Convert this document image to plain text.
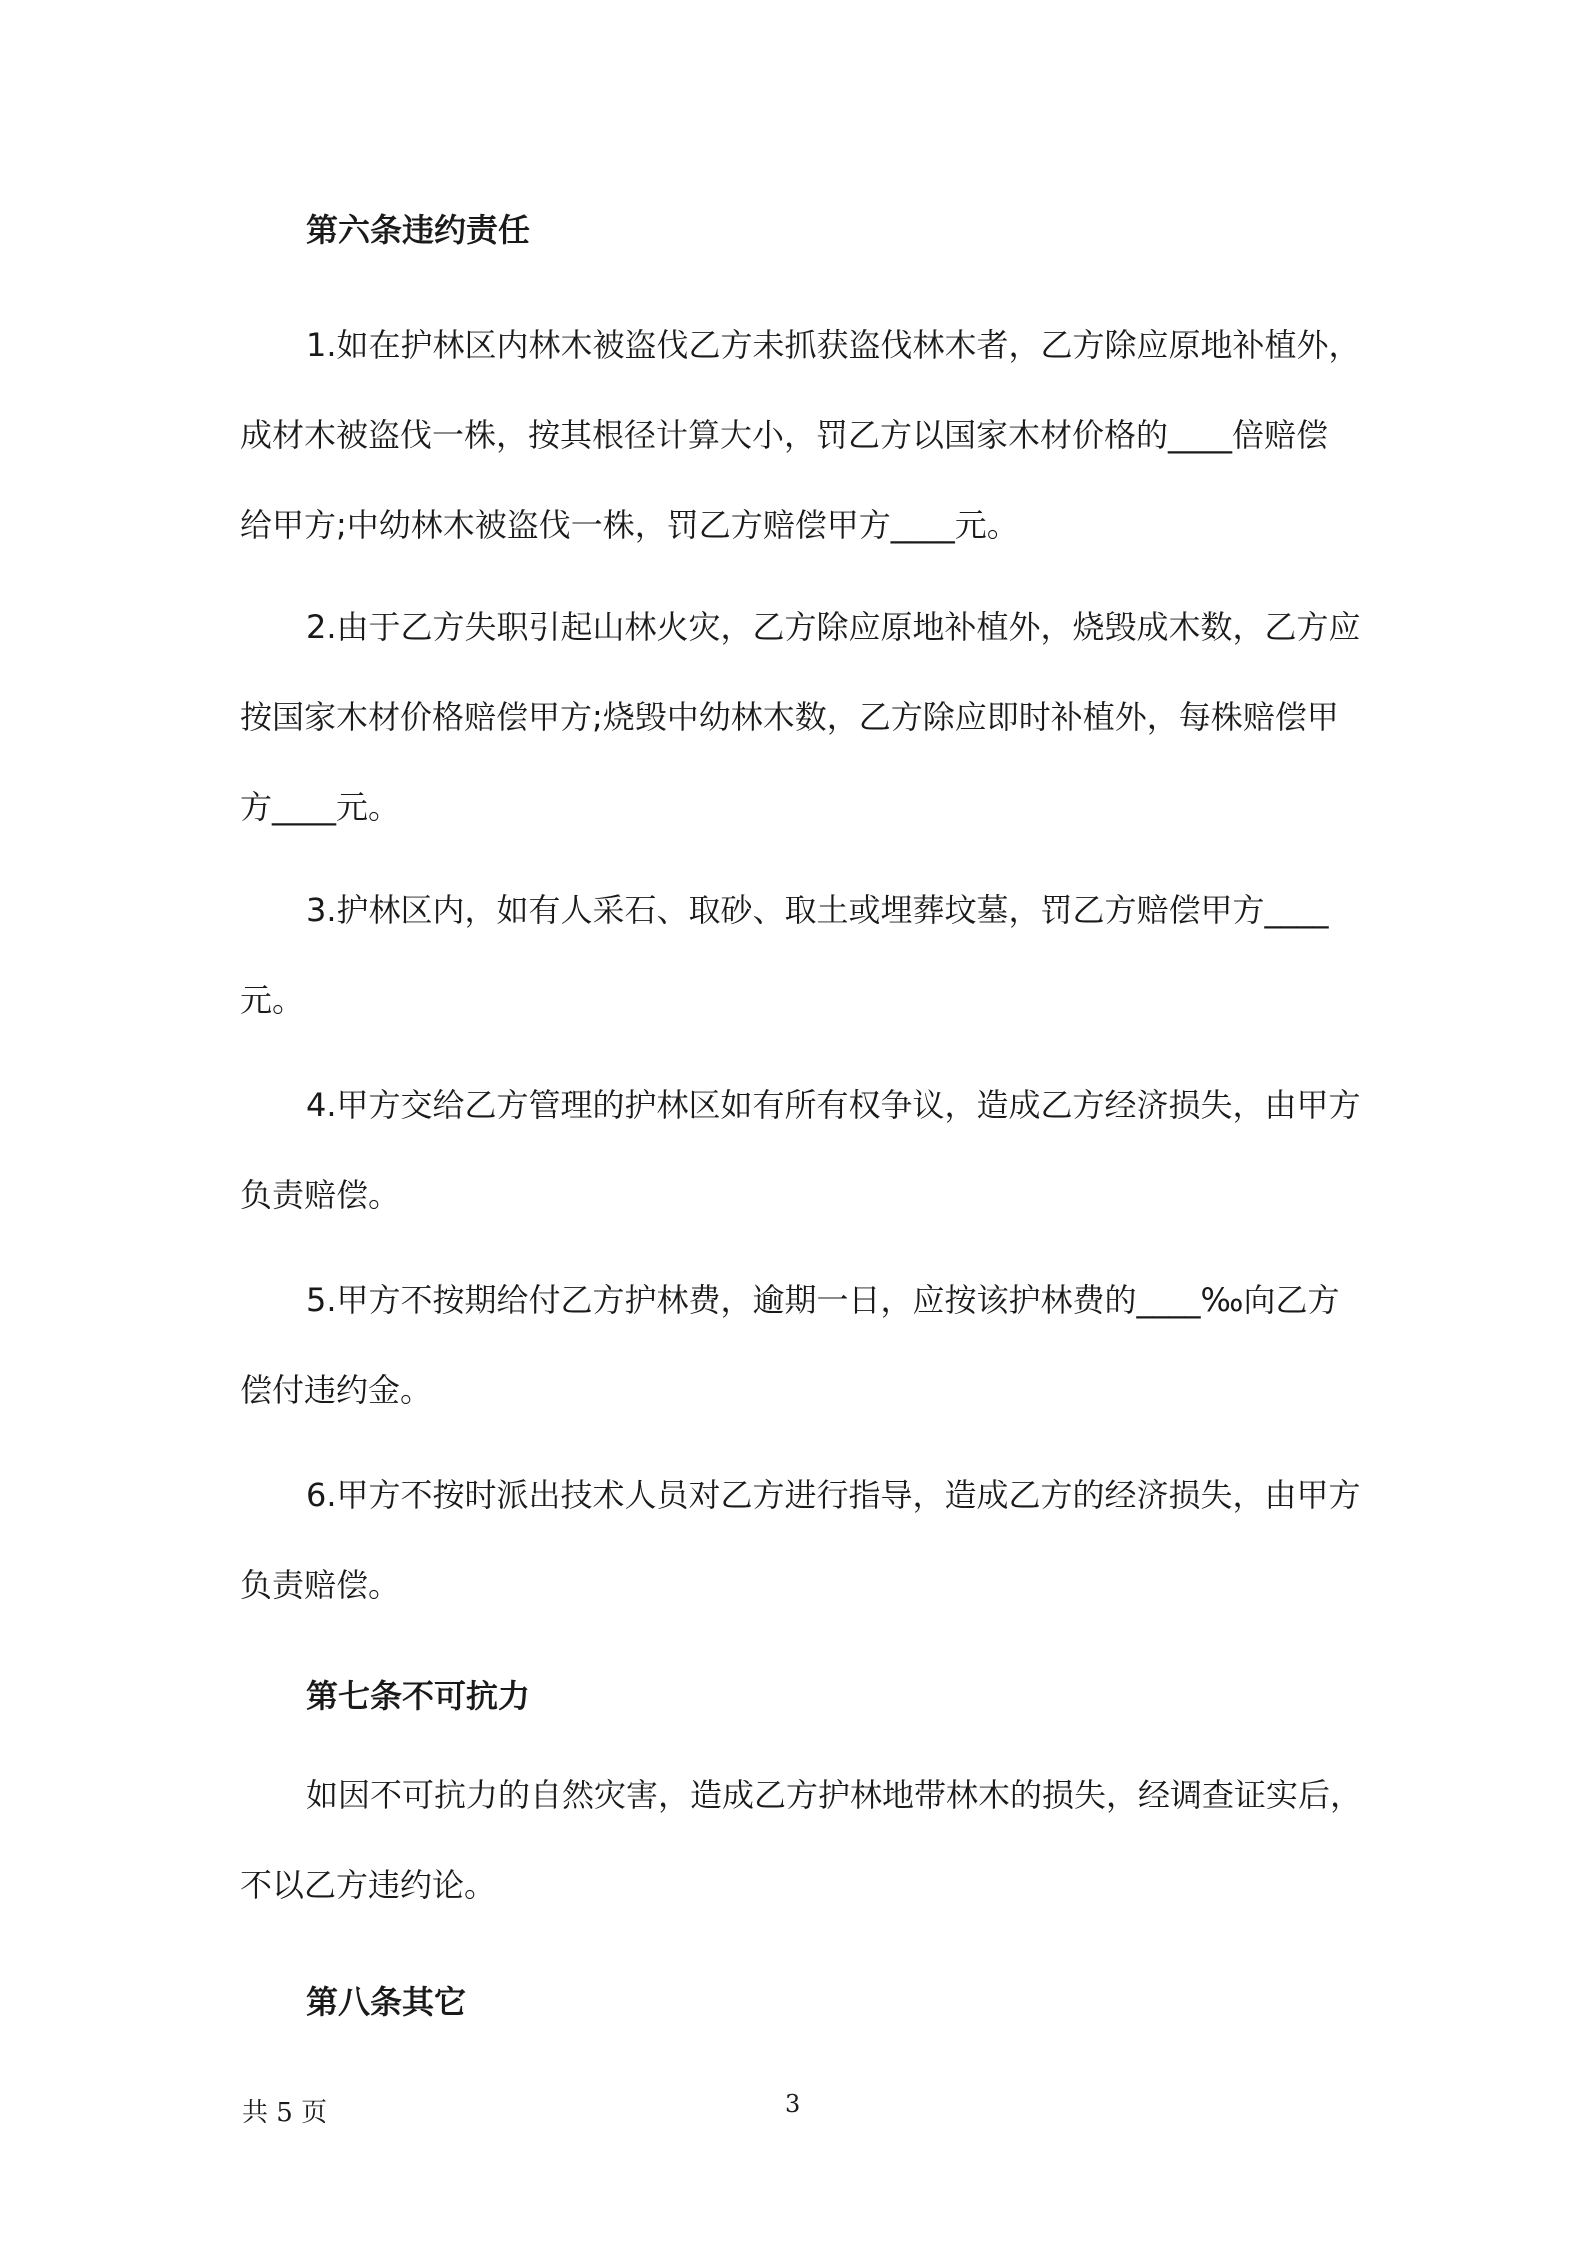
第六条违约责任

1.如在护林区内林木被盗伐乙方未抓获盗伐林木者，乙方除应原地补植外，
成材木被盗伐一株，按其根径计算大小，罚乙方以国家木材价格的____倍赔偿
给甲方;中幼林木被盗伐一株，罚乙方赔偿甲方____元。

2.由于乙方失职引起山林火灾，乙方除应原地补植外，烧毁成木数，乙方应
按国家木材价格赔偿甲方;烧毁中幼林木数，乙方除应即时补植外，每株赔偿甲
方____元。

3.护林区内，如有人采石、取砂、取土或埋葬坟墓，罚乙方赔偿甲方____
元。

4.甲方交给乙方管理的护林区如有所有权争议，造成乙方经济损失，由甲方
负责赔偿。

5.甲方不按期给付乙方护林费，逾期一日，应按该护林费的____‰向乙方
偿付违约金。

6.甲方不按时派出技术人员对乙方进行指导，造成乙方的经济损失，由甲方
负责赔偿。

第七条不可抗力

如因不可抗力的自然灾害，造成乙方护林地带林木的损失，经调查证实后，
不以乙方违约论。

第八条其它
共 5 页	3
